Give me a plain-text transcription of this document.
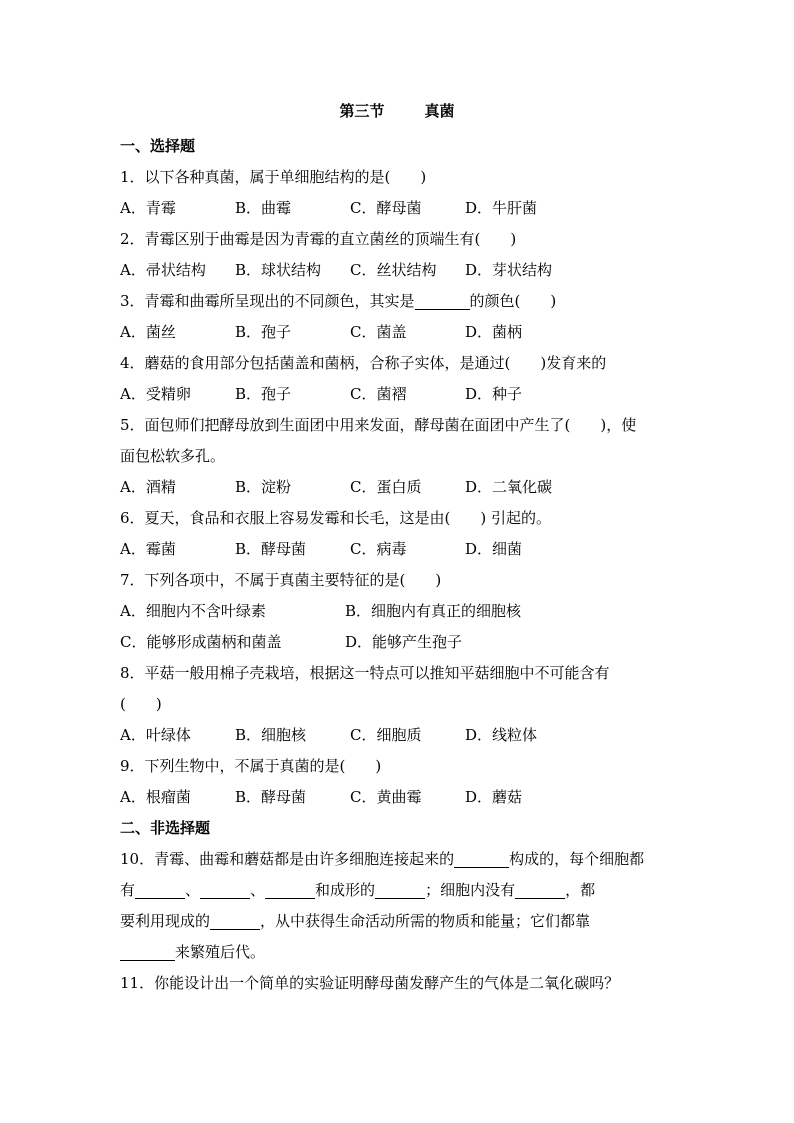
第三节	真菌
一、选择题
1．以下各种真菌，属于单细胞结构的是(　　)
A．青霉	B．曲霉	C．酵母菌	D．牛肝菌
2．青霉区别于曲霉是因为青霉的直立菌丝的顶端生有(　　)
A．帚状结构 B．球状结构 C．丝状结构 D．芽状结构
3．青霉和曲霉所呈现出的不同颜色，其实是	的颜色(　　)
A．菌丝	B．孢子	C．菌盖	D．菌柄
4．蘑菇的食用部分包括菌盖和菌柄，合称子实体，是通过(　　)发育来的
A．受精卵	B．孢子	C．菌褶	D．种子
5．面包师们把酵母放到生面团中用来发面，酵母菌在面团中产生了(　　)，使
面包松软多孔。
A．酒精	B．淀粉	C．蛋白质	D．二氧化碳
6．夏天，食品和衣服上容易发霉和长毛，这是由(　　) 引起的。
A．霉菌	B．酵母菌	C．病毒	D．细菌
7．下列各项中，不属于真菌主要特征的是(　　)
A．细胞内不含叶绿素	B．细胞内有真正的细胞核
C．能够形成菌柄和菌盖	D．能够产生孢子
8．平菇一般用棉子壳栽培，根据这一特点可以推知平菇细胞中不可能含有
(　　)
A．叶绿体	B．细胞核	C．细胞质	D．线粒体
9．下列生物中，不属于真菌的是(　　)
A．根瘤菌	B．酵母菌	C．黄曲霉	D．蘑菇
二、非选择题
10．青霉、曲霉和蘑菇都是由许多细胞连接起来的	构成的，每个细胞都
有	、	、	和成形的	；细胞内没有	，都
要利用现成的	，从中获得生命活动所需的物质和能量；它们都靠
来繁殖后代。
11．你能设计出一个简单的实验证明酵母菌发酵产生的气体是二氧化碳吗？
